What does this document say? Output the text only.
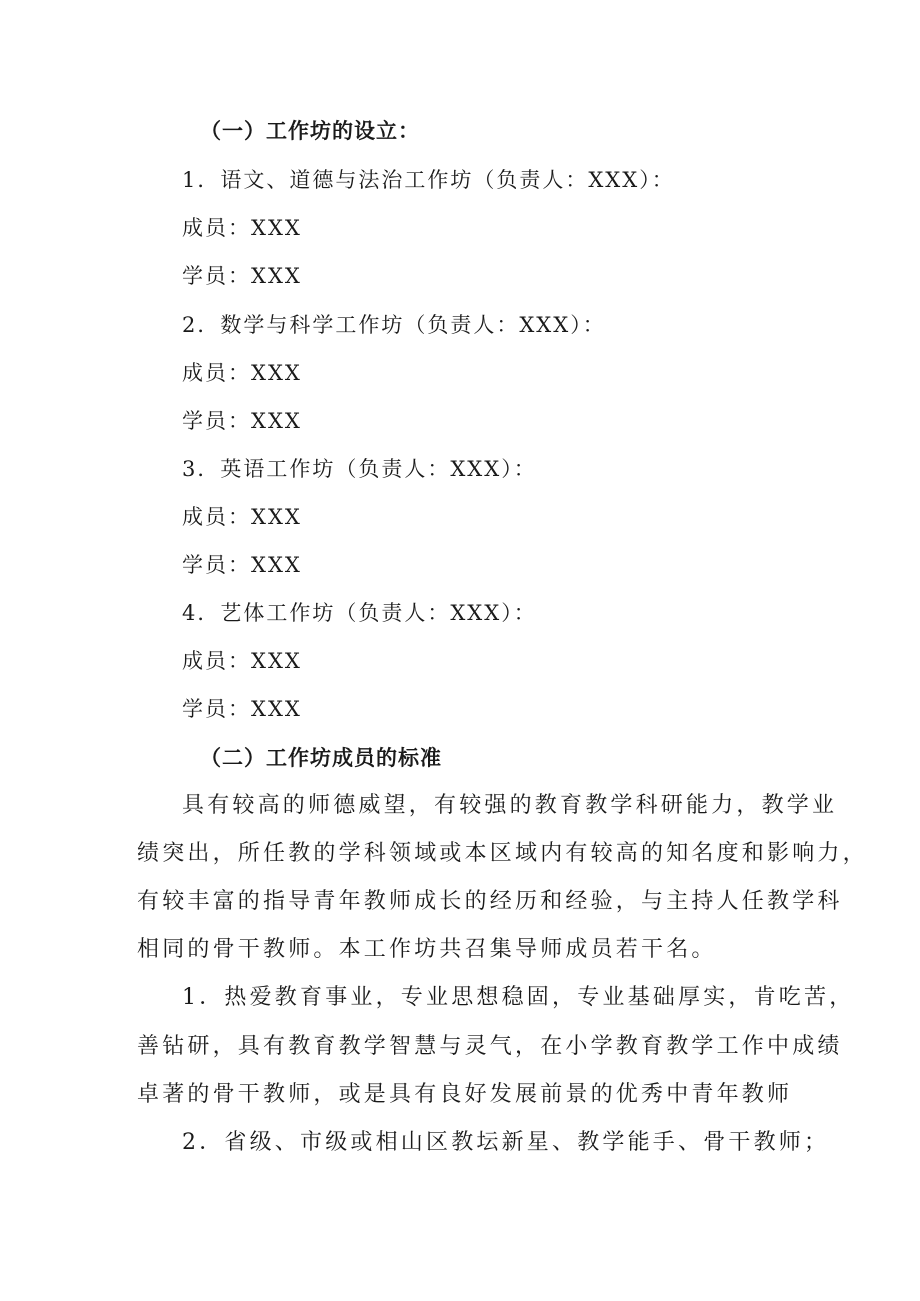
（一）工作坊的设立：
1．语文、道德与法治工作坊（负责人：XXX）：
成员：XXX
学员：XXX
2．数学与科学工作坊（负责人：XXX）：
成员：XXX
学员：XXX
3．英语工作坊（负责人：XXX）：
成员：XXX
学员：XXX
4．艺体工作坊（负责人：XXX）：
成员：XXX
学员：XXX
（二）工作坊成员的标准
具有较高的师德威望，有较强的教育教学科研能力，教学业
绩突出，所任教的学科领域或本区域内有较高的知名度和影响力，
有较丰富的指导青年教师成长的经历和经验，与主持人任教学科
相同的骨干教师。本工作坊共召集导师成员若干名。
1．热爱教育事业，专业思想稳固，专业基础厚实，肯吃苦，
善钻研，具有教育教学智慧与灵气，在小学教育教学工作中成绩
卓著的骨干教师，或是具有良好发展前景的优秀中青年教师
2．省级、市级或相山区教坛新星、教学能手、骨干教师；
